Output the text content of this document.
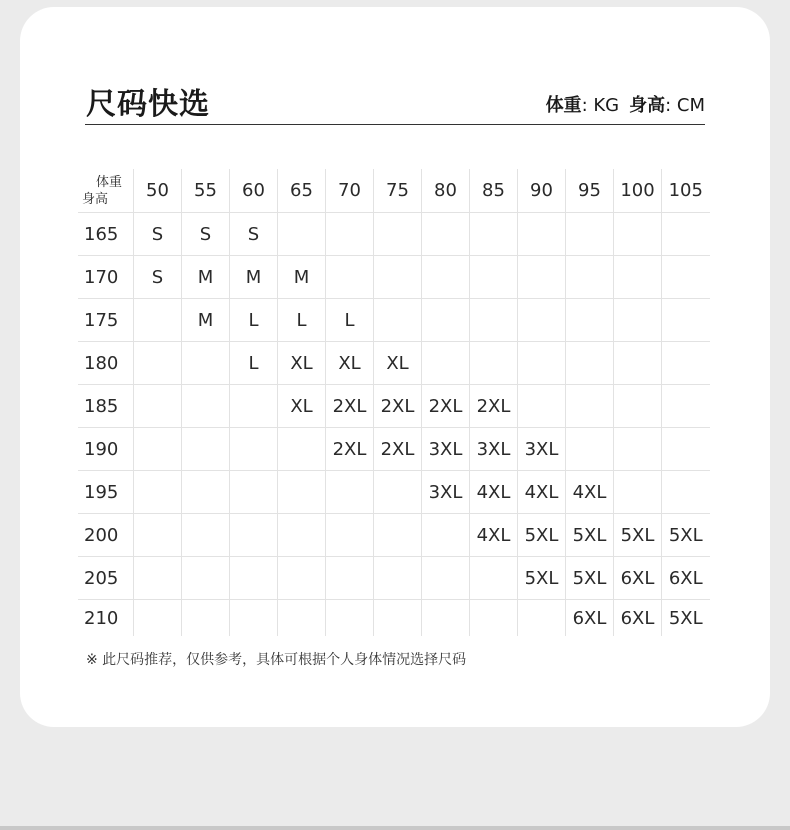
尺码快选	体重: KG 身高: CM
体重
身高	50	55	60	65	70	75	80	85	90	95	100	105
165	S	S	S									
170	S	M	M	M								
175		M	L	L	L							
180			L	XL	XL	XL						
185				XL	2XL	2XL	2XL	2XL				
190					2XL	2XL	3XL	3XL	3XL			
195							3XL	4XL	4XL	4XL		
200								4XL	5XL	5XL	5XL	5XL
205									5XL	5XL	6XL	6XL
210										6XL	6XL	5XL

※ 此尺码推荐，仅供参考，具体可根据个人身体情况选择尺码
